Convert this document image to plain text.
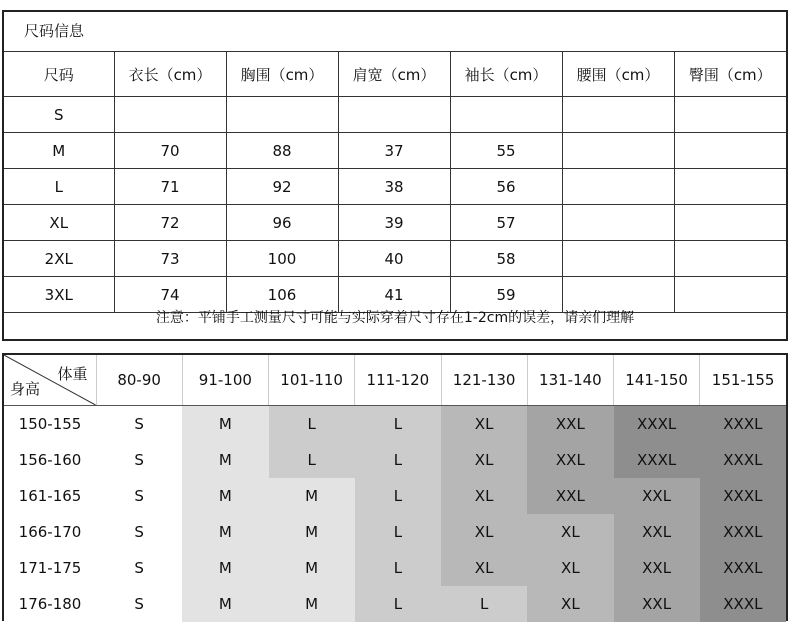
尺码信息
尺码	衣长（cm）	胸围（cm）	肩宽（cm）	袖长（cm）	腰围（cm）	臀围（cm）
S						
M	70	88	37	55		
L	71	92	38	56		
XL	72	96	39	57		
2XL	73	100	40	58		
3XL	74	106	41	59		
注意：平铺手工测量尺寸可能与实际穿着尺寸存在1-2cm的误差，请亲们理解
体重
身高	80-90	91-100	101-110	111-120	121-130	131-140	141-150	151-155
150-155	S	M	L	L	XL	XXL	XXXL	XXXL
156-160	S	M	L	L	XL	XXL	XXXL	XXXL
161-165	S	M	M	L	XL	XXL	XXL	XXXL
166-170	S	M	M	L	XL	XL	XXL	XXXL
171-175	S	M	M	L	XL	XL	XXL	XXXL
176-180	S	M	M	L	L	XL	XXL	XXXL
